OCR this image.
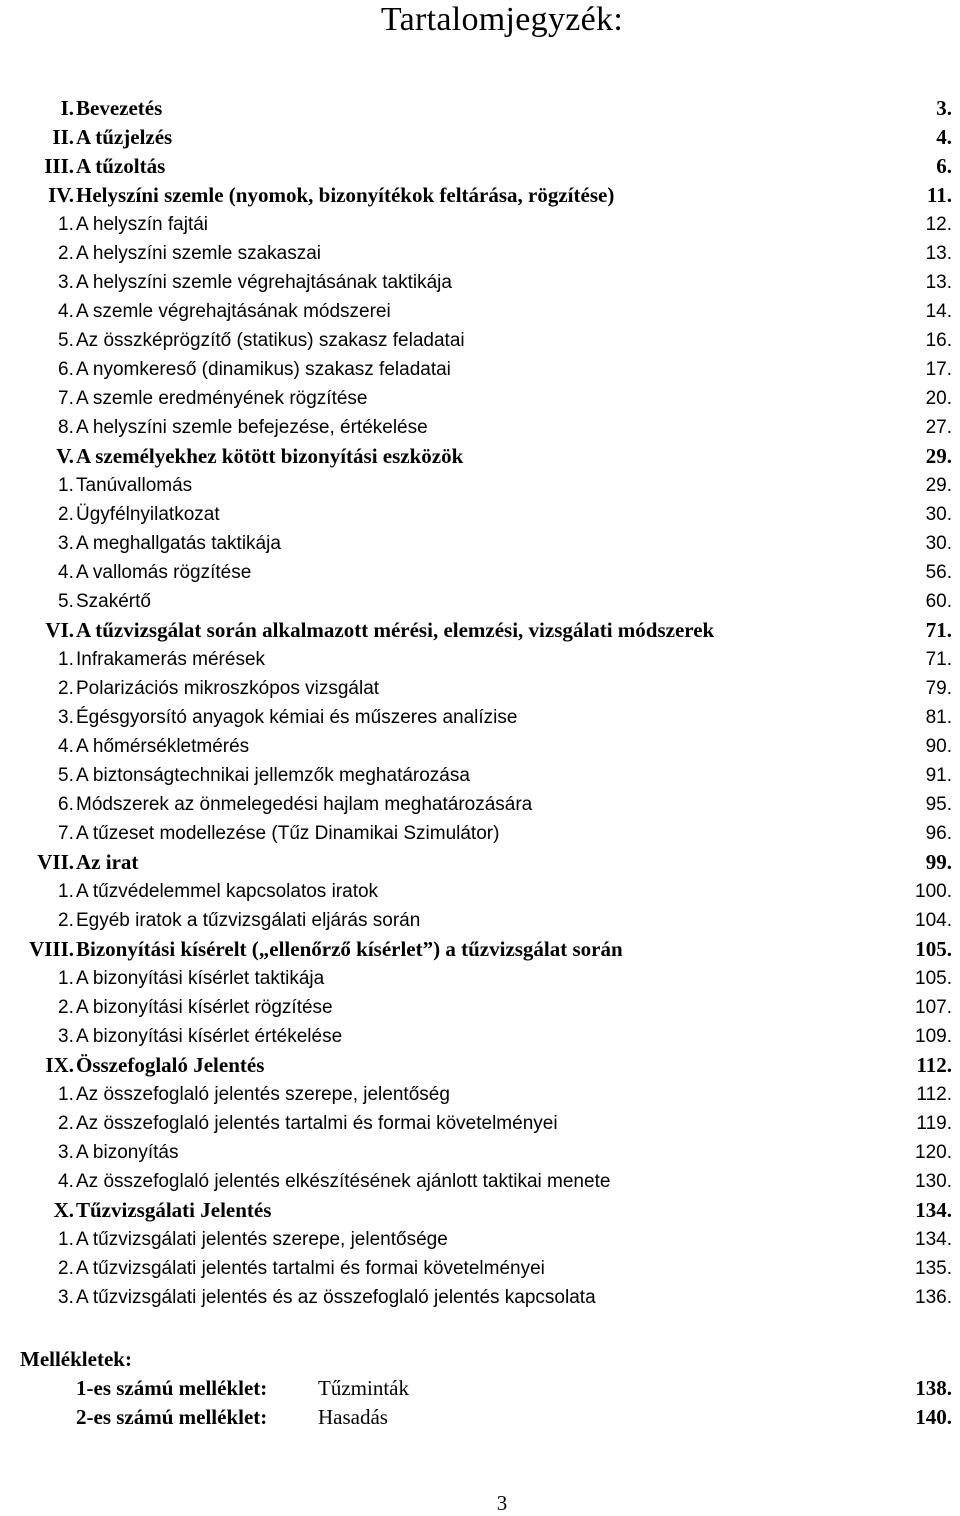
Tartalomjegyzék:
I. Bevezetés	3.
II. A tűzjelzés	4.
III. A tűzoltás	6.
IV. Helyszíni szemle (nyomok, bizonyítékok feltárása, rögzítése)	11.
1. A helyszín fajtái	12.
2. A helyszíni szemle szakaszai	13.
3. A helyszíni szemle végrehajtásának taktikája	13.
4. A szemle végrehajtásának módszerei	14.
5. Az összképrögzítő (statikus) szakasz feladatai	16.
6. A nyomkereső (dinamikus) szakasz feladatai	17.
7. A szemle eredményének rögzítése	20.
8. A helyszíni szemle befejezése, értékelése	27.
V. A személyekhez kötött bizonyítási eszközök	29.
1. Tanúvallomás	29.
2. Ügyfélnyilatkozat	30.
3. A meghallgatás taktikája	30.
4. A vallomás rögzítése	56.
5. Szakértő	60.
VI. A tűzvizsgálat során alkalmazott mérési, elemzési, vizsgálati módszerek	71.
1. Infrakamerás mérések	71.
2. Polarizációs mikroszkópos vizsgálat	79.
3. Égésgyorsító anyagok kémiai és műszeres analízise	81.
4. A hőmérsékletmérés	90.
5. A biztonságtechnikai jellemzők meghatározása	91.
6. Módszerek az önmelegedési hajlam meghatározására	95.
7. A tűzeset modellezése (Tűz Dinamikai Szimulátor)	96.
VII. Az irat	99.
1. A tűzvédelemmel kapcsolatos iratok	100.
2. Egyéb iratok a tűzvizsgálati eljárás során	104.
VIII. Bizonyítási kísérelt („ellenőrző kísérlet”) a tűzvizsgálat során	105.
1. A bizonyítási kísérlet taktikája	105.
2. A bizonyítási kísérlet rögzítése	107.
3. A bizonyítási kísérlet értékelése	109.
IX. Összefoglaló Jelentés	112.
1. Az összefoglaló jelentés szerepe, jelentőség	112.
2. Az összefoglaló jelentés tartalmi és formai követelményei	119.
3. A bizonyítás	120.
4. Az összefoglaló jelentés elkészítésének ajánlott taktikai menete	130.
X. Tűzvizsgálati Jelentés	134.
1. A tűzvizsgálati jelentés szerepe, jelentősége	134.
2. A tűzvizsgálati jelentés tartalmi és formai követelményei	135.
3. A tűzvizsgálati jelentés és az összefoglaló jelentés kapcsolata	136.
Mellékletek:
1-es számú melléklet: Tűzminták	138.
2-es számú melléklet: Hasadás	140.
3
